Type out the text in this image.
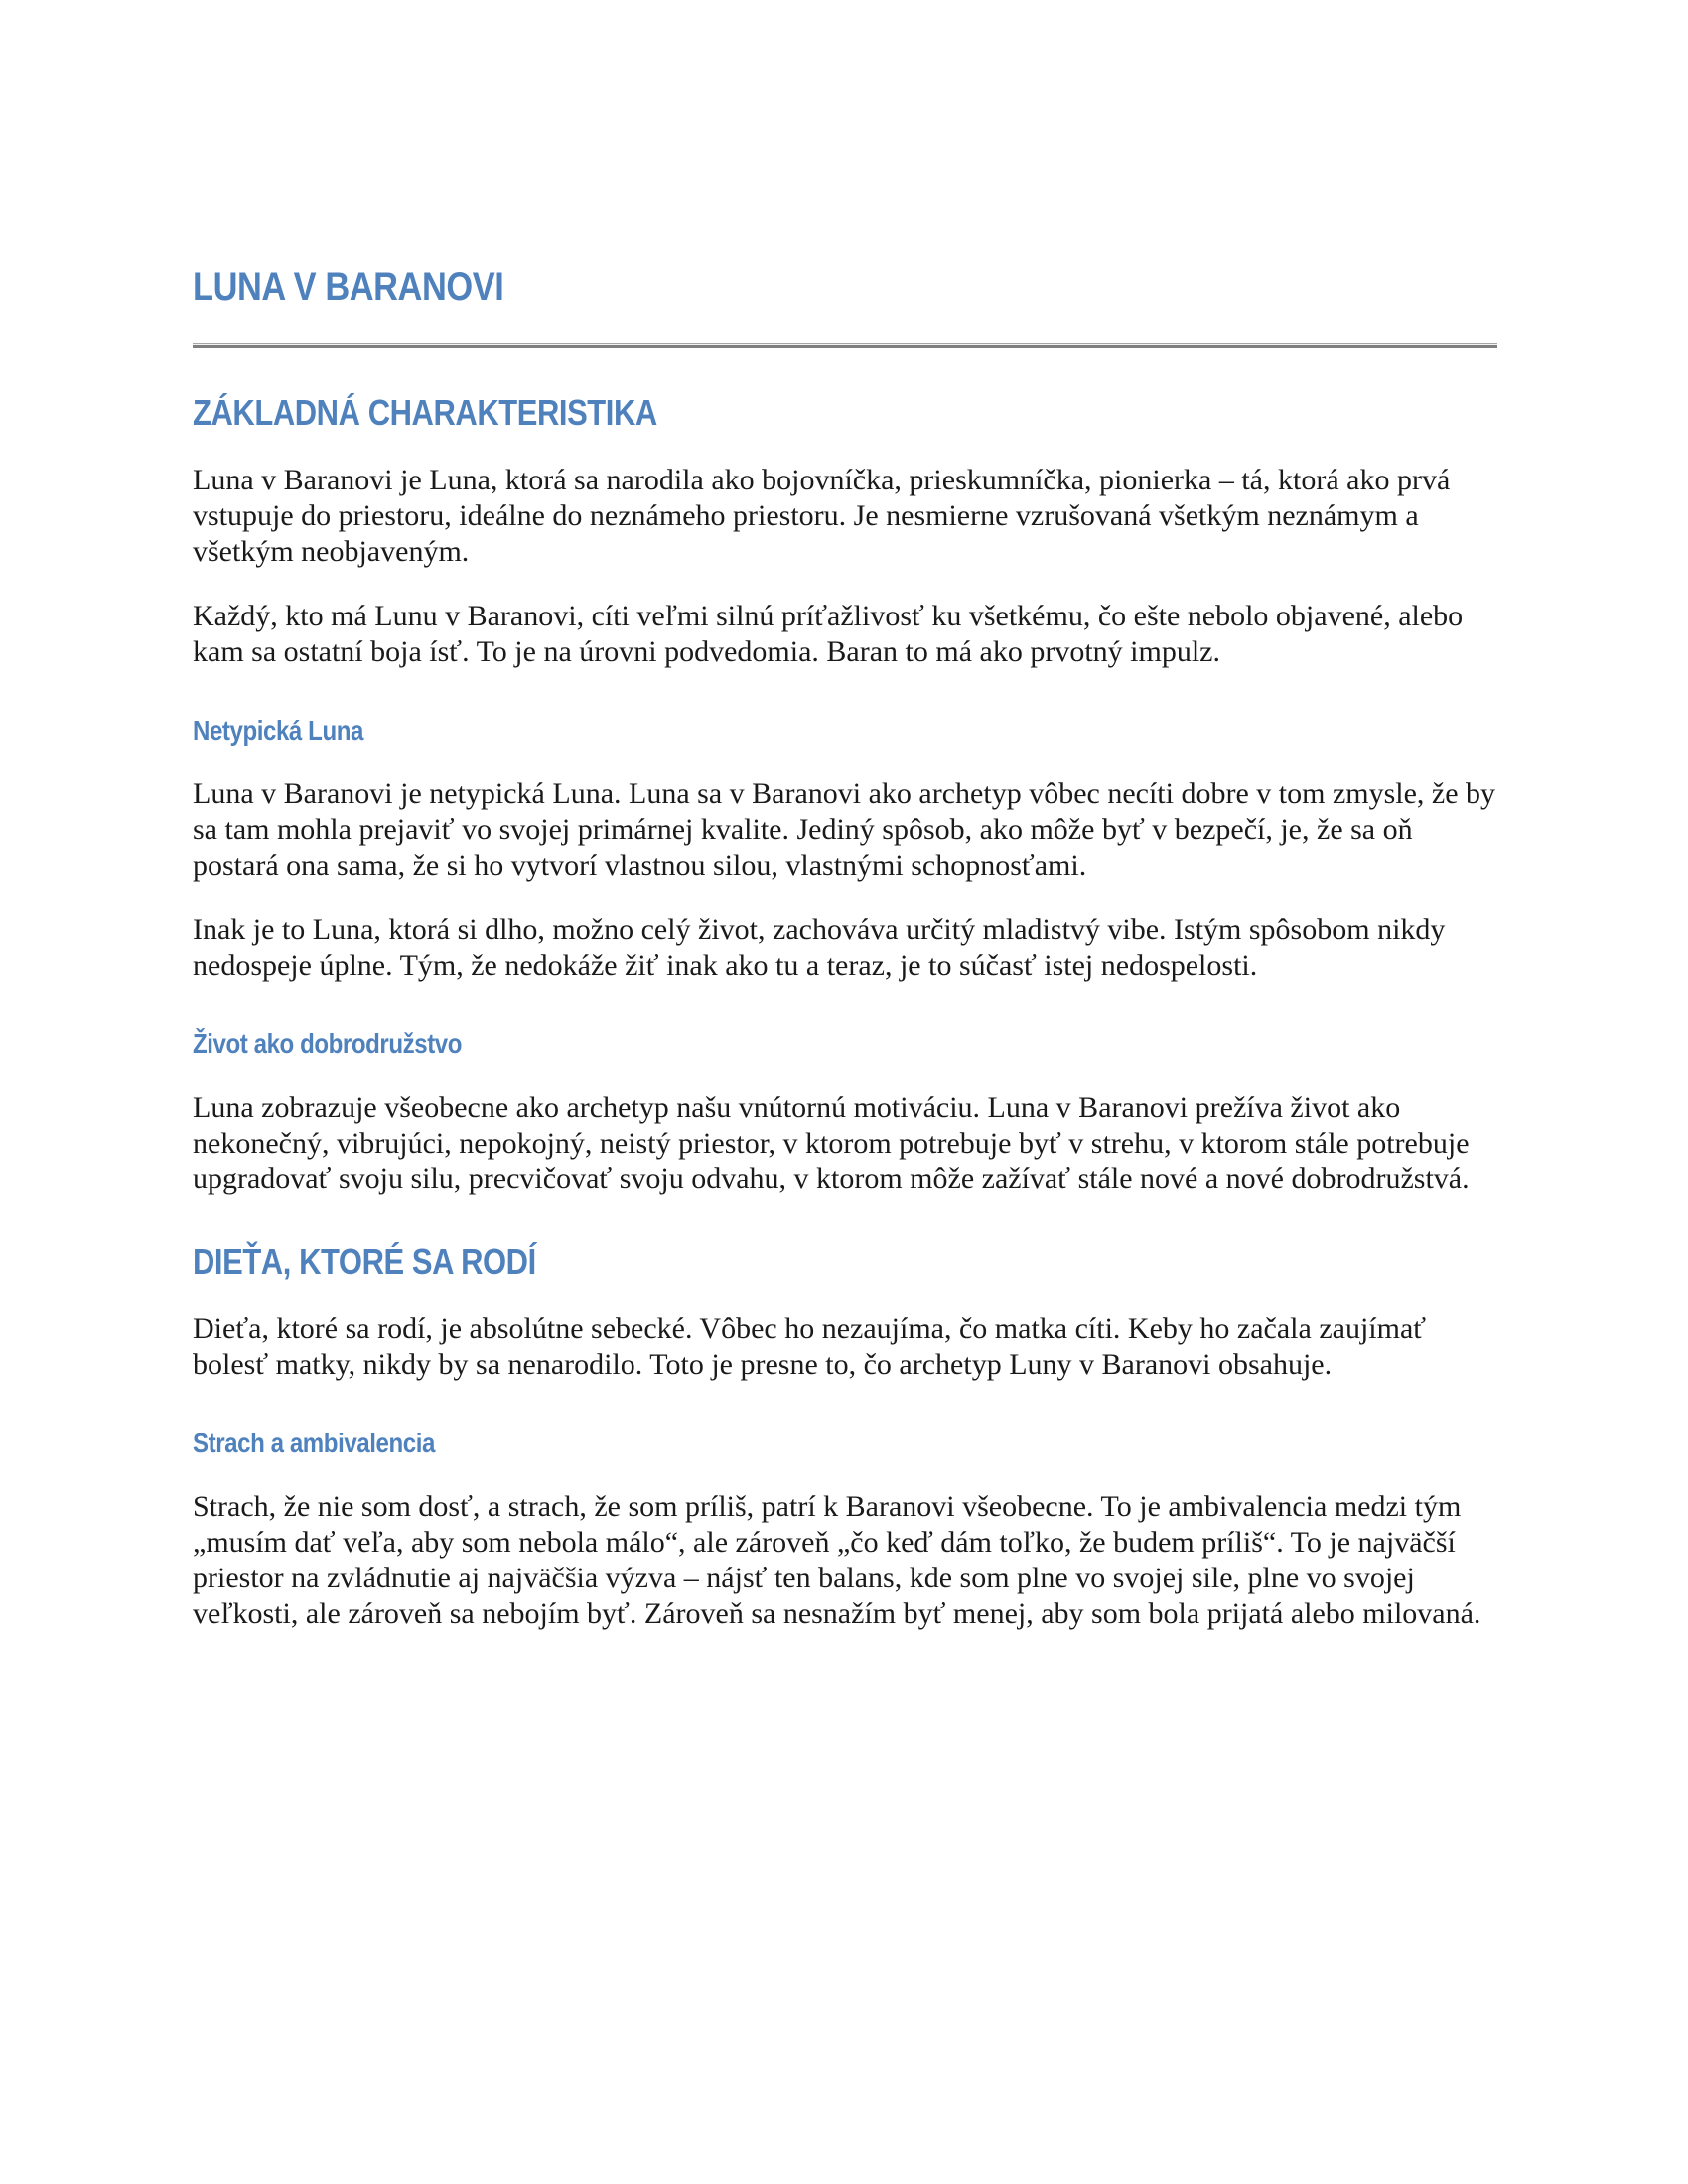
LUNA V BARANOVI
ZÁKLADNÁ CHARAKTERISTIKA

Luna v Baranovi je Luna, ktorá sa narodila ako bojovníčka, prieskumníčka, pionierka – tá, ktorá ako prvá vstupuje do priestoru, ideálne do neznámeho priestoru. Je nesmierne vzrušovaná všetkým neznámym a všetkým neobjaveným.

Každý, kto má Lunu v Baranovi, cíti veľmi silnú príťažlivosť ku všetkému, čo ešte nebolo objavené, alebo kam sa ostatní boja ísť. To je na úrovni podvedomia. Baran to má ako prvotný impulz.

Netypická Luna

Luna v Baranovi je netypická Luna. Luna sa v Baranovi ako archetyp vôbec necíti dobre v tom zmysle, že by sa tam mohla prejaviť vo svojej primárnej kvalite. Jediný spôsob, ako môže byť v bezpečí, je, že sa oň postará ona sama, že si ho vytvorí vlastnou silou, vlastnými schopnosťami.

Inak je to Luna, ktorá si dlho, možno celý život, zachováva určitý mladistvý vibe. Istým spôsobom nikdy nedospeje úplne. Tým, že nedokáže žiť inak ako tu a teraz, je to súčasť istej nedospelosti.

Život ako dobrodružstvo

Luna zobrazuje všeobecne ako archetyp našu vnútornú motiváciu. Luna v Baranovi prežíva život ako nekonečný, vibrujúci, nepokojný, neistý priestor, v ktorom potrebuje byť v strehu, v ktorom stále potrebuje upgradovať svoju silu, precvičovať svoju odvahu, v ktorom môže zažívať stále nové a nové dobrodružstvá.

DIEŤA, KTORÉ SA RODÍ

Dieťa, ktoré sa rodí, je absolútne sebecké. Vôbec ho nezaujíma, čo matka cíti. Keby ho začala zaujímať bolesť matky, nikdy by sa nenarodilo. Toto je presne to, čo archetyp Luny v Baranovi obsahuje.

Strach a ambivalencia

Strach, že nie som dosť, a strach, že som príliš, patrí k Baranovi všeobecne. To je ambivalencia medzi tým „musím dať veľa, aby som nebola málo“, ale zároveň „čo keď dám toľko, že budem príliš“. To je najväčší priestor na zvládnutie aj najväčšia výzva – nájsť ten balans, kde som plne vo svojej sile, plne vo svojej veľkosti, ale zároveň sa nebojím byť. Zároveň sa nesnažím byť menej, aby som bola prijatá alebo milovaná.
